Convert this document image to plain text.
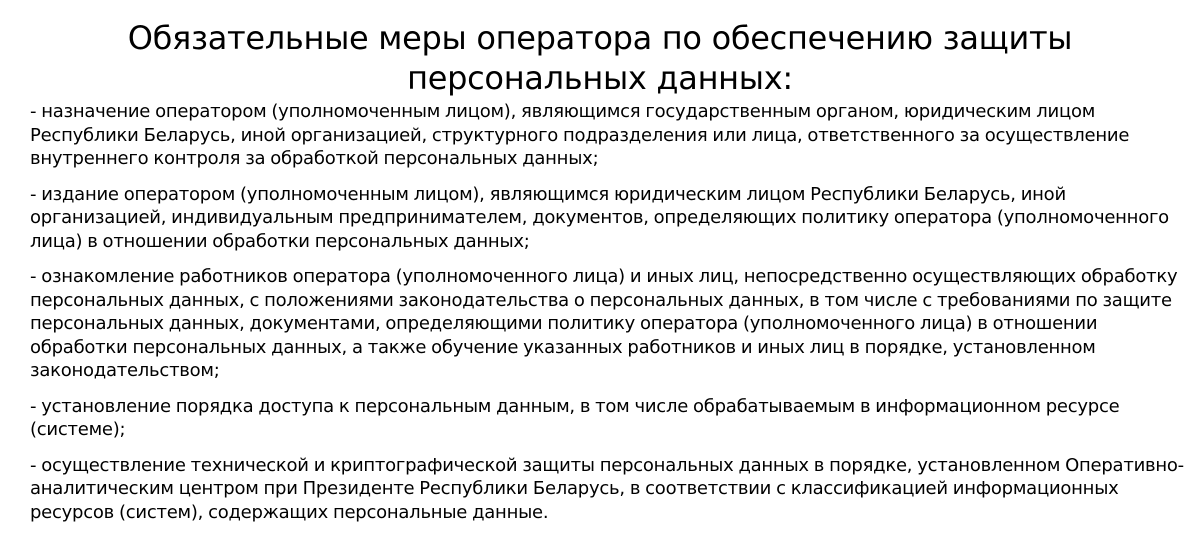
Обязательные меры оператора по обеспечению защиты
персональных данных:
- назначение оператором (уполномоченным лицом), являющимся государственным органом, юридическим лицом Республики Беларусь, иной организацией, структурного подразделения или лица, ответственного за осуществление внутреннего контроля за обработкой персональных данных;
- издание оператором (уполномоченным лицом), являющимся юридическим лицом Республики Беларусь, иной организацией, индивидуальным предпринимателем, документов, определяющих политику оператора (уполномоченного лица) в отношении обработки персональных данных;
- ознакомление работников оператора (уполномоченного лица) и иных лиц, непосредственно осуществляющих обработку персональных данных, с положениями законодательства о персональных данных, в том числе с требованиями по защите персональных данных, документами, определяющими политику оператора (уполномоченного лица) в отношении обработки персональных данных, а также обучение указанных работников и иных лиц в порядке, установленном законодательством;
- установление порядка доступа к персональным данным, в том числе обрабатываемым в информационном ресурсе (системе);
- осуществление технической и криптографической защиты персональных данных в порядке, установленном Оперативно-аналитическим центром при Президенте Республики Беларусь, в соответствии с классификацией информационных ресурсов (систем), содержащих персональные данные.
